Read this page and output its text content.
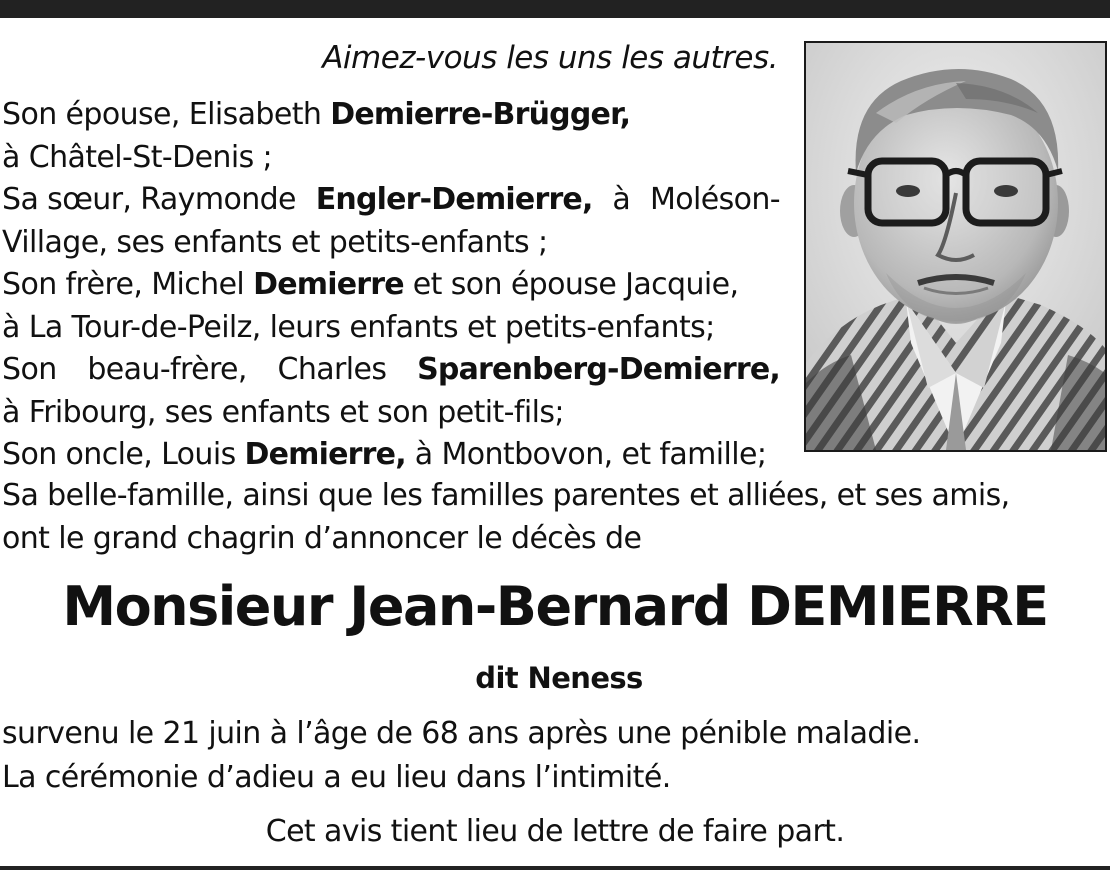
Aimez-vous les uns les autres.
Son épouse, Elisabeth Demierre-Brügger,
à Châtel-St-Denis ;
Sa sœur, Raymonde Engler-Demierre, à Moléson-
Village, ses enfants et petits-enfants ;
Son frère, Michel Demierre et son épouse Jacquie,
à La Tour-de-Peilz, leurs enfants et petits-enfants;
Son beau-frère, Charles Sparenberg-Demierre,
à Fribourg, ses enfants et son petit-fils;
Son oncle, Louis Demierre, à Montbovon, et famille;
Sa belle-famille, ainsi que les familles parentes et alliées, et ses amis,
ont le grand chagrin d’annoncer le décès de
Monsieur Jean-Bernard DEMIERRE
dit Neness
survenu le 21 juin à l’âge de 68 ans après une pénible maladie.
La cérémonie d’adieu a eu lieu dans l’intimité.
Cet avis tient lieu de lettre de faire part.
